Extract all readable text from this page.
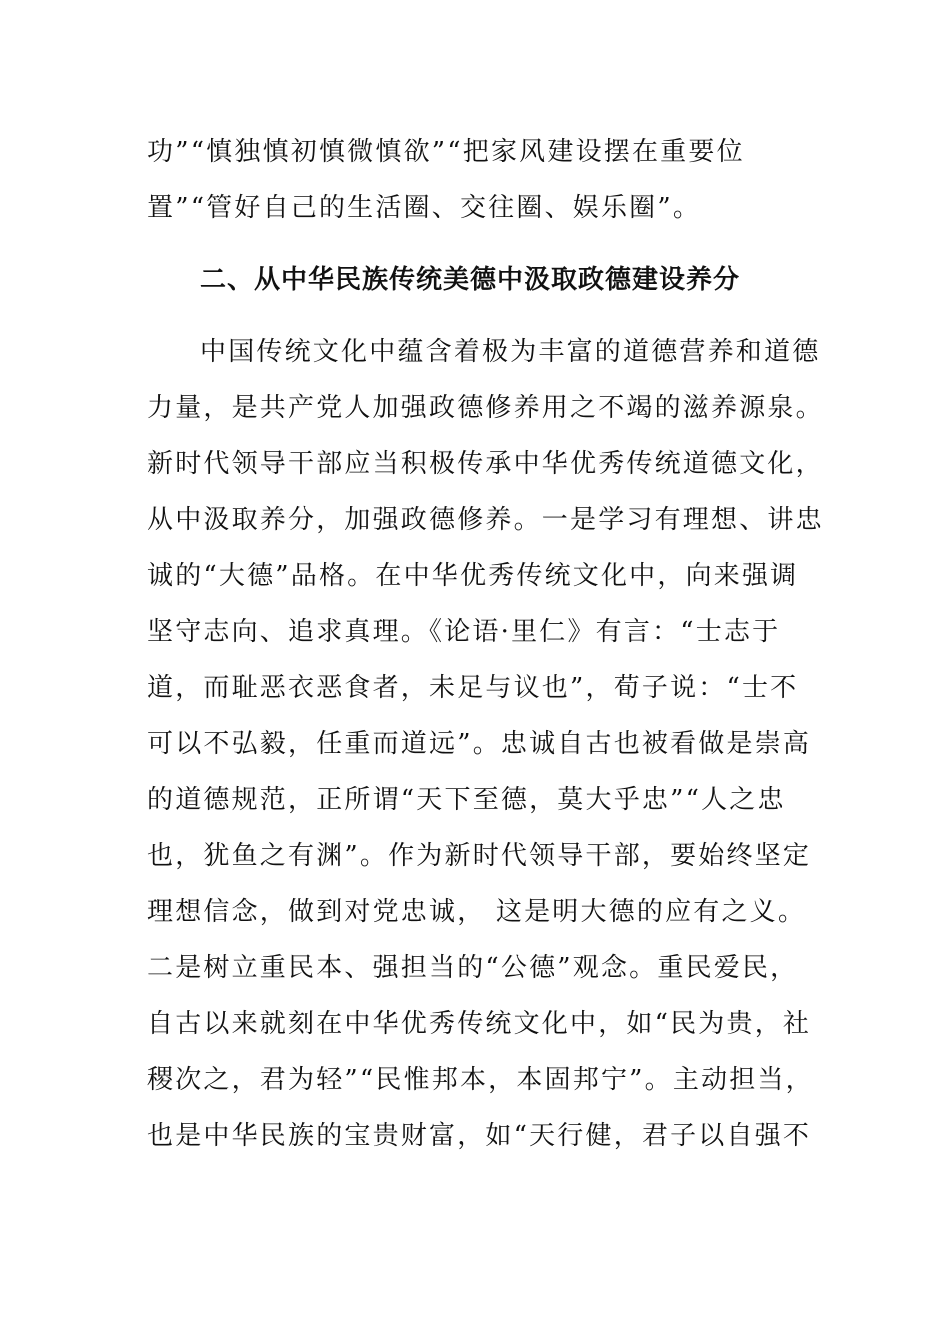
功”“慎独慎初慎微慎欲”“把家风建设摆在重要位
置”“管好自己的生活圈、交往圈、娱乐圈”。
二、从中华民族传统美德中汲取政德建设养分
中国传统文化中蕴含着极为丰富的道德营养和道德
力量，是共产党人加强政德修养用之不竭的滋养源泉。
新时代领导干部应当积极传承中华优秀传统道德文化，
从中汲取养分，加强政德修养。一是学习有理想、讲忠
诚的“大德”品格。在中华优秀传统文化中，向来强调
坚守志向、追求真理。《论语·里仁》有言：“士志于
道，而耻恶衣恶食者，未足与议也”，荀子说：“士不
可以不弘毅，任重而道远”。忠诚自古也被看做是崇高
的道德规范，正所谓“天下至德，莫大乎忠”“人之忠
也，犹鱼之有渊”。作为新时代领导干部，要始终坚定
理想信念，做到对党忠诚， 这是明大德的应有之义。
二是树立重民本、强担当的“公德”观念。重民爱民，
自古以来就刻在中华优秀传统文化中，如“民为贵，社
稷次之，君为轻”“民惟邦本，本固邦宁”。主动担当，
也是中华民族的宝贵财富，如“天行健，君子以自强不
